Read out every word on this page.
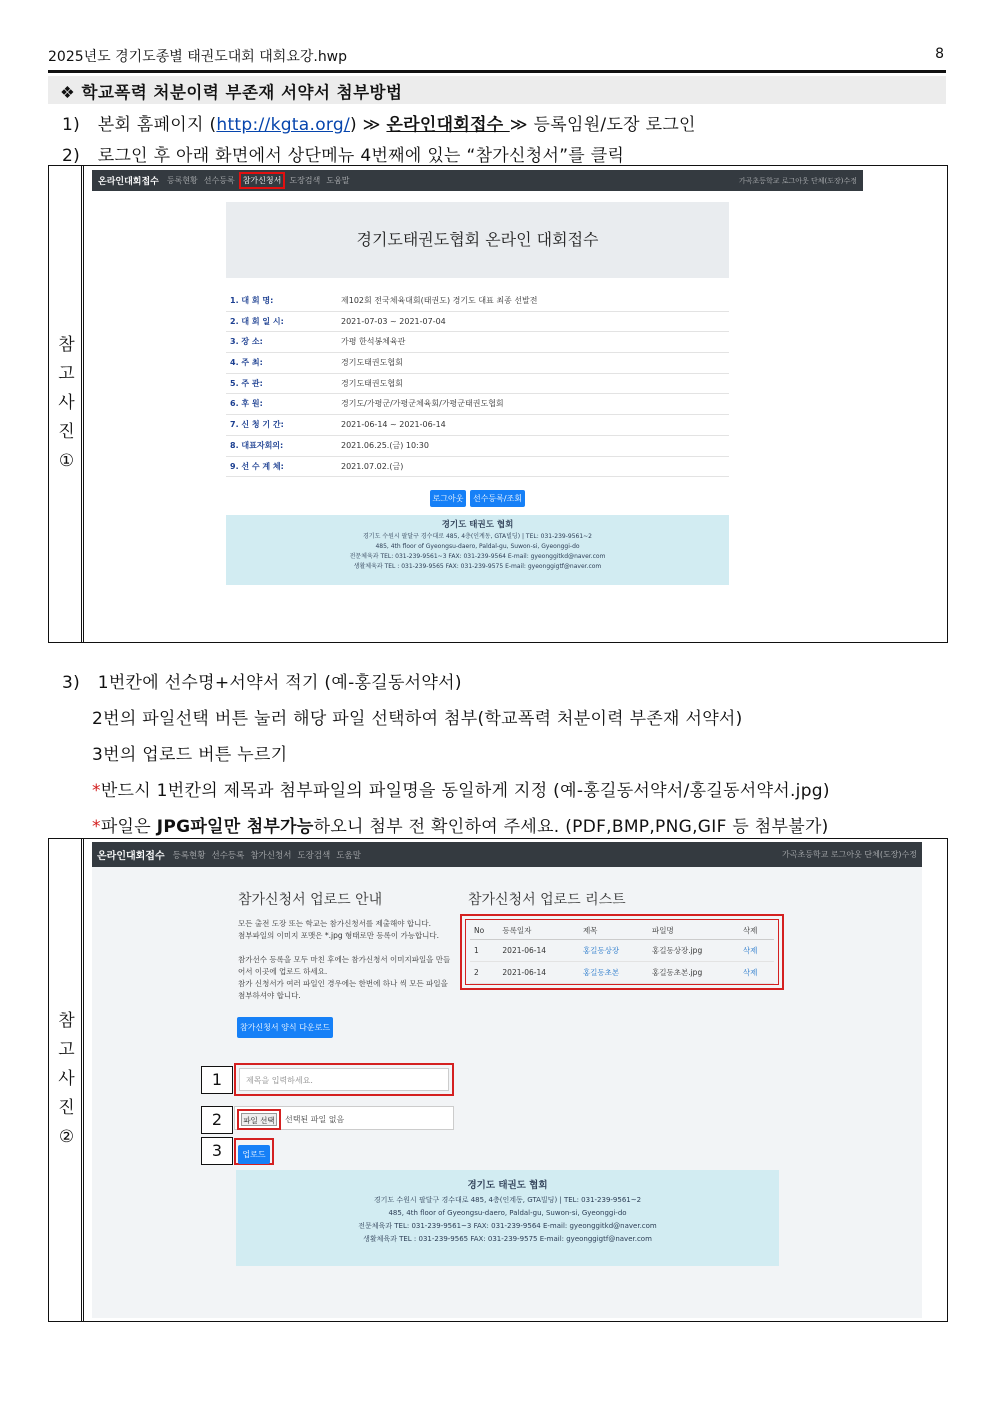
2025년도 경기도종별 태권도대회 대회요강.hwp	8
❖ 학교폭력 처분이력 부존재 서약서 첨부방법
1) 본회 홈페이지 (http://kgta.org/) ≫ 온라인대회접수 ≫ 등록임원/도장 로그인
2) 로그인 후 아래 화면에서 상단메뉴 4번째에 있는 “참가신청서”를 클릭
참
고
사
진
①
온라인대회접수 등록현황 선수등록 참가신청서 도장검색 도움말	가곡초등학교 로그아웃 단체(도장)수정
경기도태권도협회 온라인 대회접수
1. 대 회 명:	제102회 전국체육대회(태권도) 경기도 대표 최종 선발전
2. 대 회 일 시:	2021-07-03 ~ 2021-07-04
3. 장 소:	가평 한석봉체육관
4. 주 최:	경기도태권도협회
5. 주 관:	경기도태권도협회
6. 후 원:	경기도/가평군/가평군체육회/가평군태권도협회
7. 신 청 기 간:	2021-06-14 ~ 2021-06-14
8. 대표자회의:	2021.06.25.(금) 10:30
9. 선 수 계 체:	2021.07.02.(금)
로그아웃	선수등록/조회
경기도 태권도 협회
경기도 수원시 팔달구 경수대로 485, 4층(인계동, GTA빌딩) | TEL: 031-239-9561~2
485, 4th floor of Gyeongsu-daero, Paldal-gu, Suwon-si, Gyeonggi-do
전문체육과 TEL: 031-239-9561~3 FAX: 031-239-9564 E-mail: gyeonggitkd@naver.com
생활체육과 TEL : 031-239-9565 FAX: 031-239-9575 E-mail: gyeonggigtf@naver.com
3) 1번칸에 선수명+서약서 적기 (예-홍길동서약서)
2번의 파일선택 버튼 눌러 해당 파일 선택하여 첨부(학교폭력 처분이력 부존재 서약서)
3번의 업로드 버튼 누르기
*반드시 1번칸의 제목과 첨부파일의 파일명을 동일하게 지정 (예-홍길동서약서/홍길동서약서.jpg)
*파일은 JPG파일만 첨부가능하오니 첨부 전 확인하여 주세요. (PDF,BMP,PNG,GIF 등 첨부불가)
참
고
사
진
②
온라인대회접수 등록현황 선수등록 참가신청서 도장검색 도움말	가곡초등학교 로그아웃 단체(도장)수정
참가신청서 업로드 안내
모든 출전 도장 또는 학교는 참가신청서를 제출해야 합니다.
첨부파일의 이미지 포맷은 *.jpg 형태로만 등록이 가능합니다.
참가선수 등록을 모두 마친 후에는 참가신청서 이미지파일을 만들
어서 이곳에 업로드 하세요.
참가 신청서가 여러 파일인 경우에는 한번에 하나 씩 모든 파일을
첨부하셔야 합니다.
참가신청서 양식 다운로드
제목을 입력하세요.
파일 선택 선택된 파일 없음
업로드
참가신청서 업로드 리스트
No	등록일자	제목	파일명	삭제
1	2021-06-14	홍길동상장	홍길동상장.jpg	삭제
2	2021-06-14	홍길동초본	홍길동초본.jpg	삭제
경기도 태권도 협회
경기도 수원시 팔달구 경수대로 485, 4층(인계동, GTA빌딩) | TEL: 031-239-9561~2
485, 4th floor of Gyeongsu-daero, Paldal-gu, Suwon-si, Gyeonggi-do
전문체육과 TEL: 031-239-9561~3 FAX: 031-239-9564 E-mail: gyeonggitkd@naver.com
생활체육과 TEL : 031-239-9565 FAX: 031-239-9575 E-mail: gyeonggigtf@naver.com
1
2
3
